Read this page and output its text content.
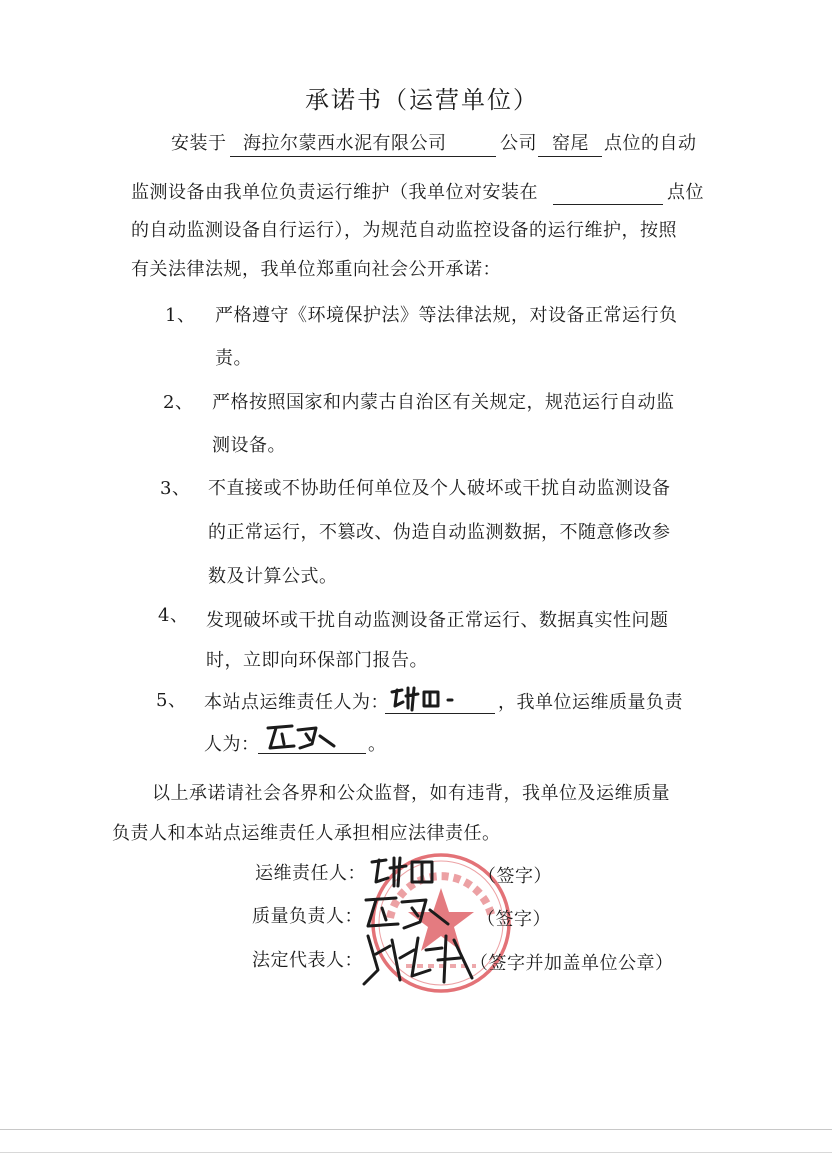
承诺书（运营单位）
安装于 海拉尔蒙西水泥有限公司	公司 窑尾 点位的自动
监测设备由我单位负责运行维护（我单位对安装在	点位
的自动监测设备自行运行），为规范自动监控设备的运行维护，按照
有关法律法规，我单位郑重向社会公开承诺：
1、 严格遵守《环境保护法》等法律法规，对设备正常运行负
责。
2、 严格按照国家和内蒙古自治区有关规定，规范运行自动监
测设备。
3、 不直接或不协助任何单位及个人破坏或干扰自动监测设备
的正常运行，不篡改、伪造自动监测数据，不随意修改参
数及计算公式。
4、 发现破坏或干扰自动监测设备正常运行、数据真实性问题
时，立即向环保部门报告。
5、 本站点运维责任人为：	，我单位运维质量负责
人为：	。
以上承诺请社会各界和公众监督，如有违背，我单位及运维质量
负责人和本站点运维责任人承担相应法律责任。
运维责任人：	（签字）
质量负责人：	（签字）
法定代表人：	（签字并加盖单位公章）
